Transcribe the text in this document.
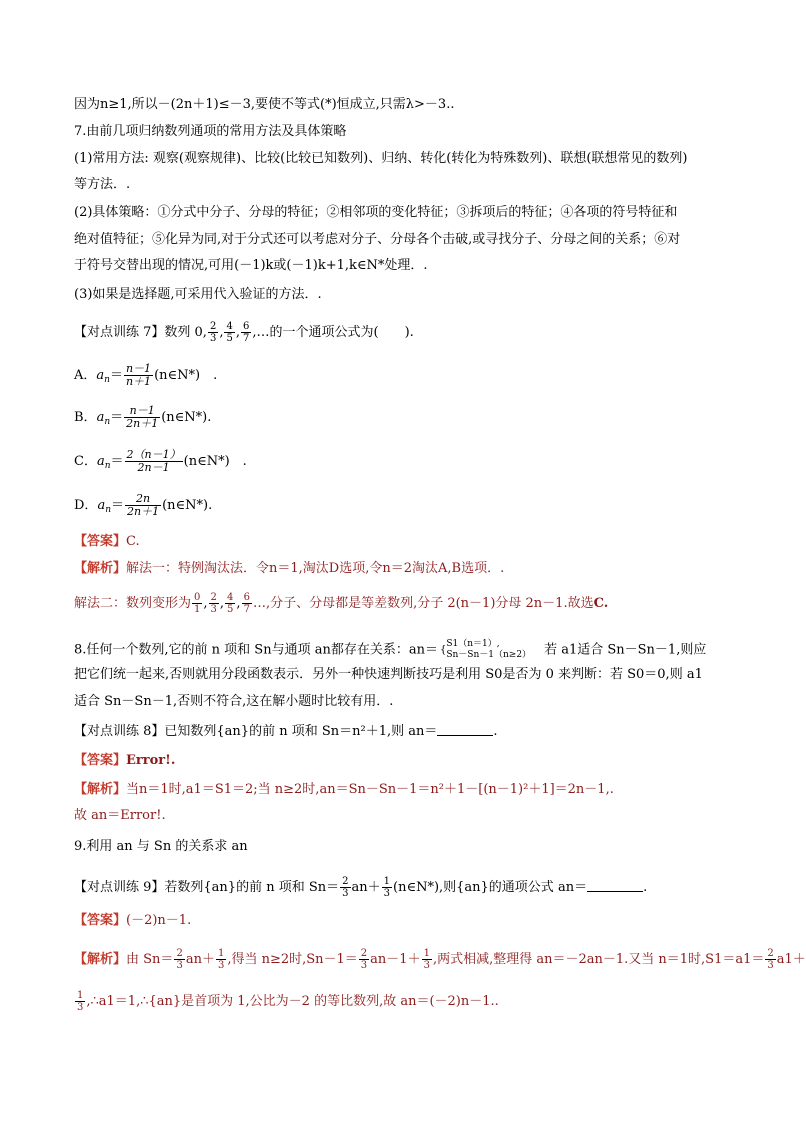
因为n≥1,所以－(2n＋1)≤－3,要使不等式(*)恒成立,只需λ>－3..
7.由前几项归纳数列通项的常用方法及具体策略
(1)常用方法: 观察(观察规律)、比较(比较已知数列)、归纳、转化(转化为特殊数列)、联想(联想常见的数列)
等方法．.
(2)具体策略：①分式中分子、分母的特征；②相邻项的变化特征；③拆项后的特征；④各项的符号特征和
绝对值特征；⑤化异为同,对于分式还可以考虑对分子、分母各个击破,或寻找分子、分母之间的关系；⑥对
于符号交替出现的情况,可用(－1)k或(－1)k+1,k∈N*处理．.
(3)如果是选择题,可采用代入验证的方法．.
【对点训练 7】数列 0, $\frac{2}{3}$ , $\frac{4}{5}$ , $\frac{6}{7}$ ,…的一个通项公式为(　　).
A．$a_n= \frac{n-1}{n+1}$ (n∈N*)　.
B．$a_n= \frac{n-1}{2n+1}$ (n∈N*).
C．$a_n= \frac{2(n-1)}{2n-1}$ (n∈N*)　.
D．$a_n= \frac{2n}{2n+1}$ (n∈N*).
【答案】C.
【解析】解法一：特例淘汰法．令n＝1,淘汰D选项,令n＝2淘汰A,B选项．.
解法二：数列变形为 $\frac{0}{1}$ , $\frac{2}{3}$ , $\frac{4}{5}$ , $\frac{6}{7}$ …,分子、分母都是等差数列,分子 2(n－1)分母 2n－1.故选C.
8.任何一个数列,它的前 n 项和 Sn与通项 an都存在关系：an＝ {
S1（n＝1）,
Sn－Sn－1（n≥2）
　 若 a1适合 Sn－Sn－1,则应
把它们统一起来,否则就用分段函数表示．另外一种快速判断技巧是利用 S0是否为 0 来判断：若 S0＝0,则 a1
适合 Sn－Sn－1,否则不符合,这在解小题时比较有用．.
【对点训练 8】已知数列{an}的前 n 项和 Sn＝n²＋1,则 an＝	.
【答案】Error!.
【解析】当n＝1时,a1＝S1＝2;当 n≥2时,an＝Sn－Sn－1＝n²＋1－[(n－1)²＋1]＝2n－1,.
故 an＝Error!.
9.利用 an 与 Sn 的关系求 an
【对点训练 9】若数列{an}的前 n 项和 $Sn= \frac{2}{3} an+ \frac{1}{3}$ (n∈N*),则{an}的通项公式 an＝	.
【答案】(－2)n－1.
【解析】由 $Sn= \frac{2}{3} an+ \frac{1}{3}$ ,得当 n≥2时$,Sn-1= \frac{2}{3} an-1+ \frac{1}{3}$ ,两式相减,整理得 an＝－2an－1.又当 n＝1时$,S1=a1= \frac{2}{3} a1+$
$\frac{1}{3}$ ,∴a1＝1,∴{an}是首项为 1,公比为－2 的等比数列,故 an＝(－2)n－1..
